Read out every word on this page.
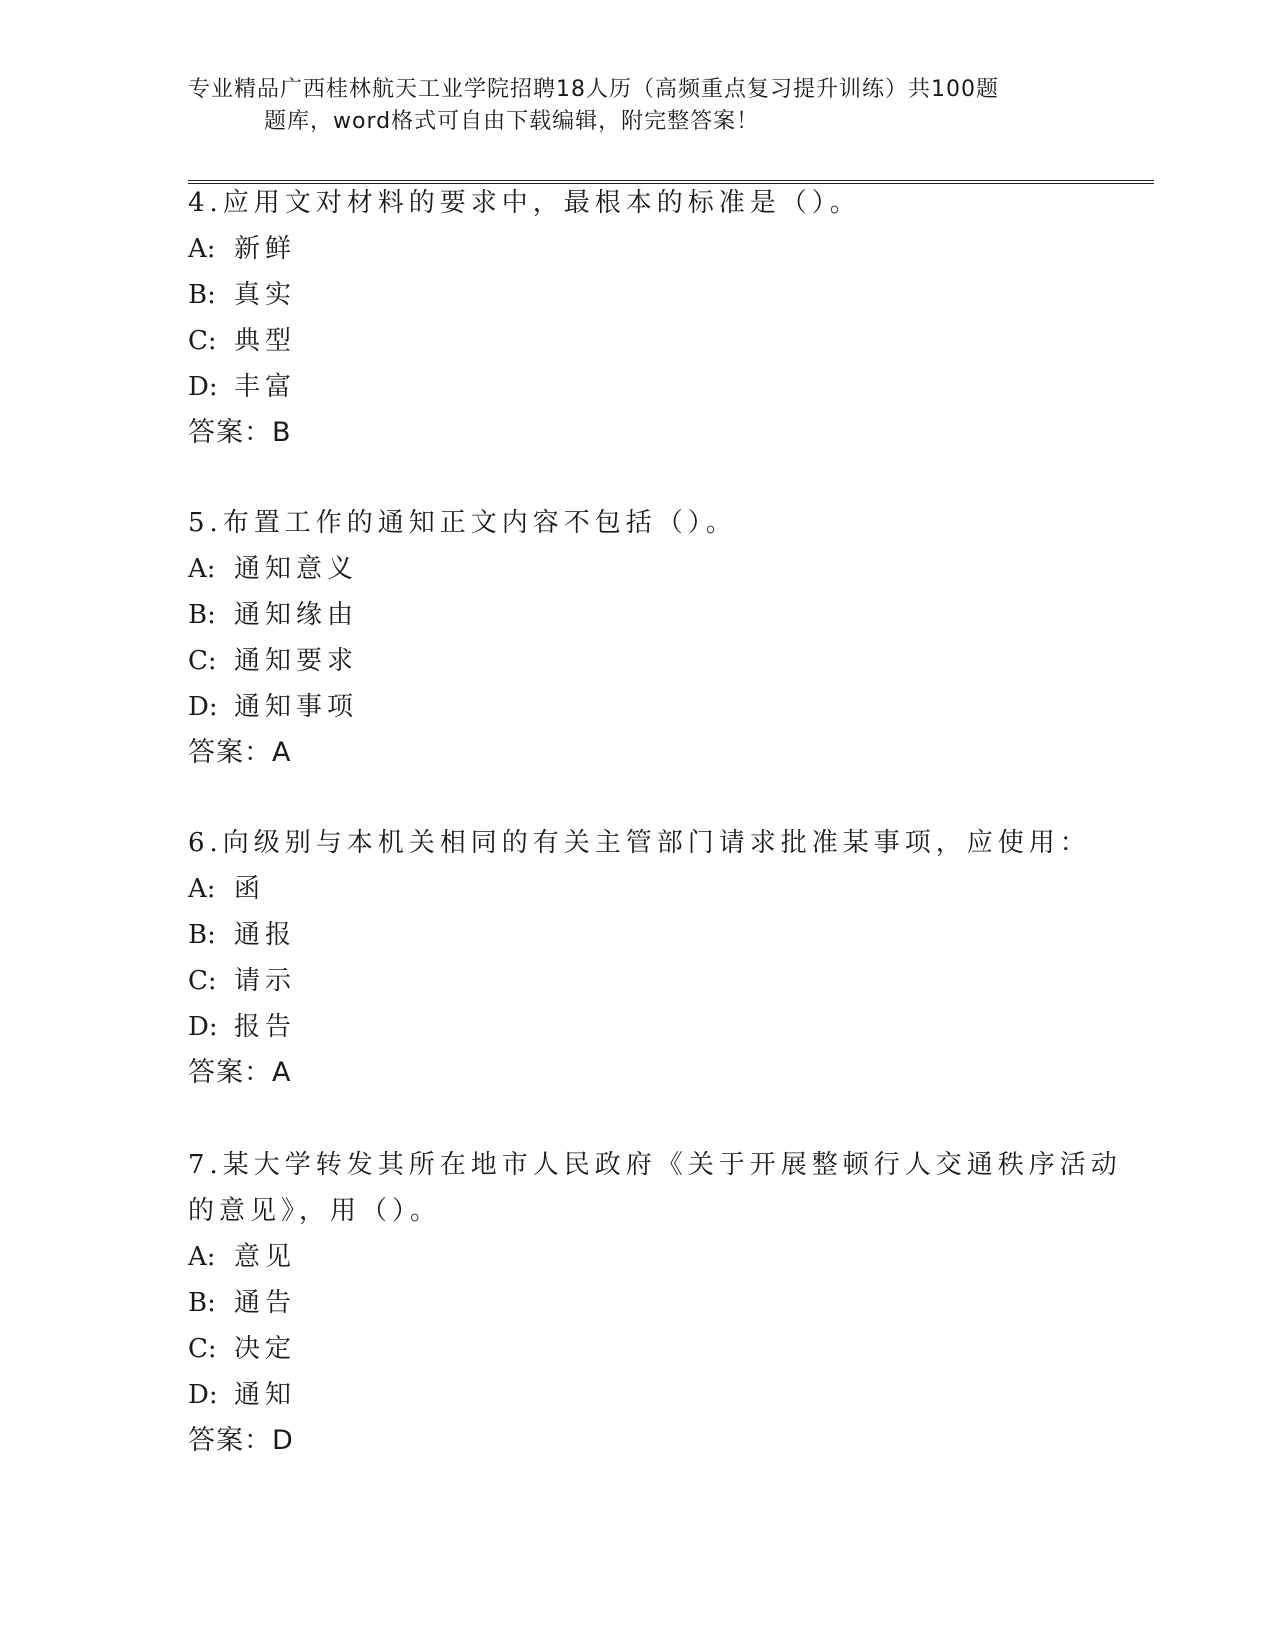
专业精品广西桂林航天工业学院招聘18人历（高频重点复习提升训练）共100题
题库，word格式可自由下载编辑，附完整答案！
4.应用文对材料的要求中，最根本的标准是（）。
A: 新鲜
B: 真实
C: 典型
D: 丰富
答案：B
5.布置工作的通知正文内容不包括（）。
A: 通知意义
B: 通知缘由
C: 通知要求
D: 通知事项
答案：A
6.向级别与本机关相同的有关主管部门请求批准某事项，应使用：
A: 函
B: 通报
C: 请示
D: 报告
答案：A
7.某大学转发其所在地市人民政府《关于开展整顿行人交通秩序活动
的意见》，用（）。
A: 意见
B: 通告
C: 决定
D: 通知
答案：D
